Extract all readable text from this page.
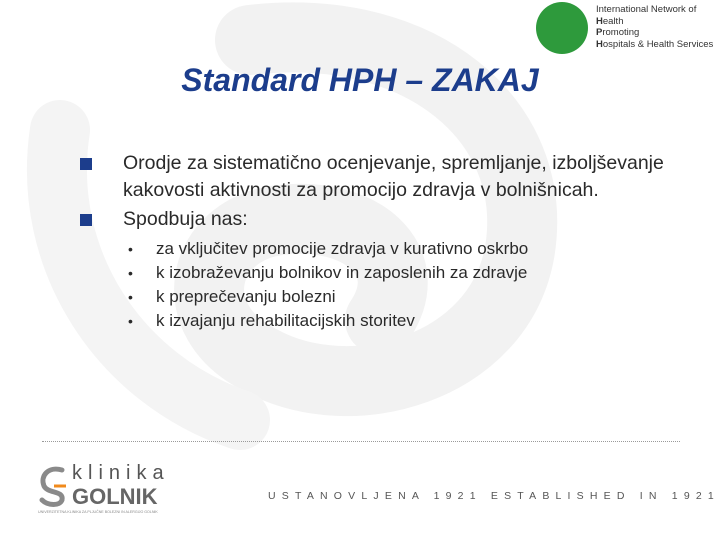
International Network of
Health
Promoting
Hospitals & Health Services
Standard HPH – ZAKAJ
Orodje za sistematično ocenjevanje, spremljanje, izboljševanje kakovosti aktivnosti za promocijo zdravja v bolnišnicah.
Spodbuja nas:
• za vključitev promocije zdravja v kurativno oskrbo
• k izobraževanju bolnikov in zaposlenih za zdravje
• k preprečevanju bolezni
• k izvajanju rehabilitacijskih storitev
klinika
GOLNIK
UNIVERZITETNA KLINIKA ZA PLJUČNE BOLEZNI IN ALERGIJO GOLNIK
USTANOVLJENA 1921 ESTABLISHED IN 1921
